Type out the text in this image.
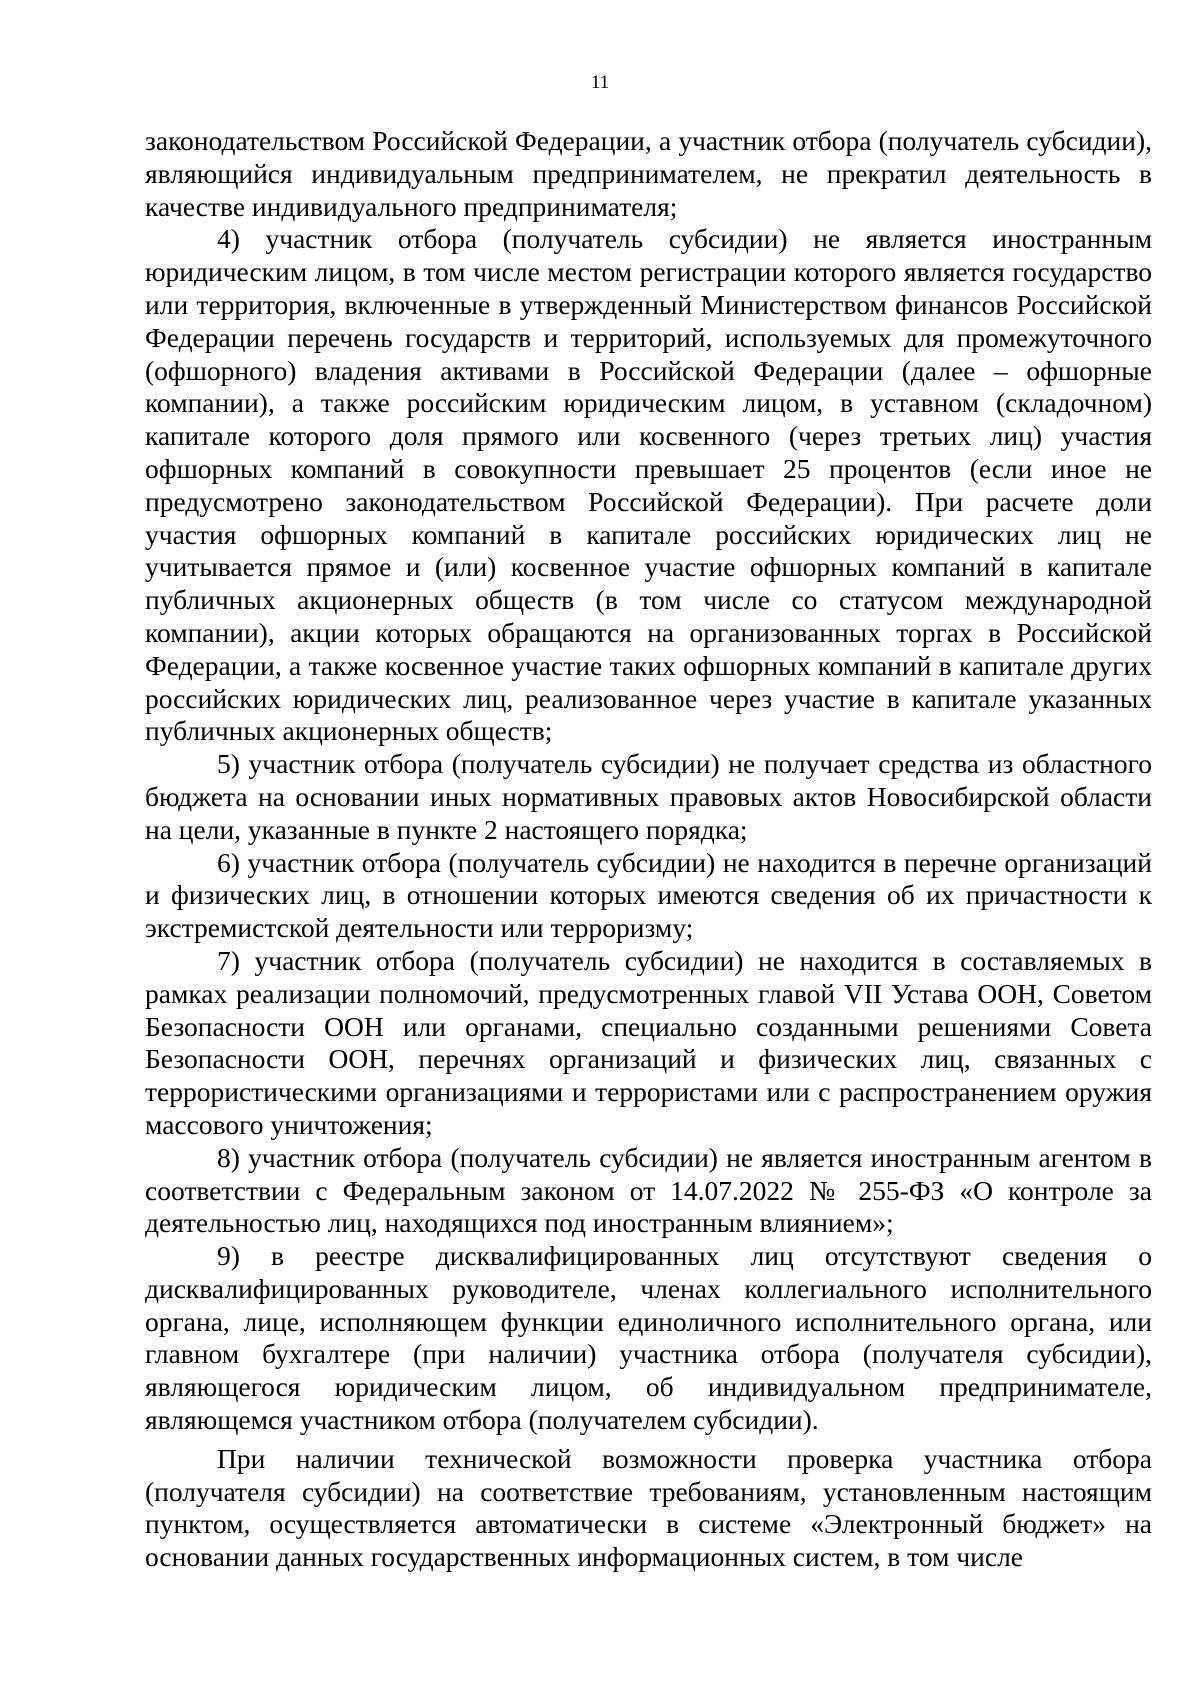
11

законодательством Российской Федерации, а участник отбора (получатель субсидии), являющийся индивидуальным предпринимателем, не прекратил деятельность в качестве индивидуального предпринимателя;

4) участник отбора (получатель субсидии) не является иностранным юридическим лицом, в том числе местом регистрации которого является государство или территория, включенные в утвержденный Министерством финансов Российской Федерации перечень государств и территорий, используемых для промежуточного (офшорного) владения активами в Российской Федерации (далее – офшорные компании), а также российским юридическим лицом, в уставном (складочном) капитале которого доля прямого или косвенного (через третьих лиц) участия офшорных компаний в совокупности превышает 25 процентов (если иное не предусмотрено законодательством Российской Федерации). При расчете доли участия офшорных компаний в капитале российских юридических лиц не учитывается прямое и (или) косвенное участие офшорных компаний в капитале публичных акционерных обществ (в том числе со статусом международной компании), акции которых обращаются на организованных торгах в Российской Федерации, а также косвенное участие таких офшорных компаний в капитале других российских юридических лиц, реализованное через участие в капитале указанных публичных акционерных обществ;

5) участник отбора (получатель субсидии) не получает средства из областного бюджета на основании иных нормативных правовых актов Новосибирской области на цели, указанные в пункте 2 настоящего порядка;

6) участник отбора (получатель субсидии) не находится в перечне организаций и физических лиц, в отношении которых имеются сведения об их причастности к экстремистской деятельности или терроризму;

7) участник отбора (получатель субсидии) не находится в составляемых в рамках реализации полномочий, предусмотренных главой VII Устава ООН, Советом Безопасности ООН или органами, специально созданными решениями Совета Безопасности ООН, перечнях организаций и физических лиц, связанных с террористическими организациями и террористами или с распространением оружия массового уничтожения;

8) участник отбора (получатель субсидии) не является иностранным агентом в соответствии с Федеральным законом от 14.07.2022 № 255-ФЗ «О контроле за деятельностью лиц, находящихся под иностранным влиянием»;

9) в реестре дисквалифицированных лиц отсутствуют сведения о дисквалифицированных руководителе, членах коллегиального исполнительного органа, лице, исполняющем функции единоличного исполнительного органа, или главном бухгалтере (при наличии) участника отбора (получателя субсидии), являющегося юридическим лицом, об индивидуальном предпринимателе, являющемся участником отбора (получателем субсидии).

При наличии технической возможности проверка участника отбора (получателя субсидии) на соответствие требованиям, установленным настоящим пунктом, осуществляется автоматически в системе «Электронный бюджет» на основании данных государственных информационных систем, в том числе
